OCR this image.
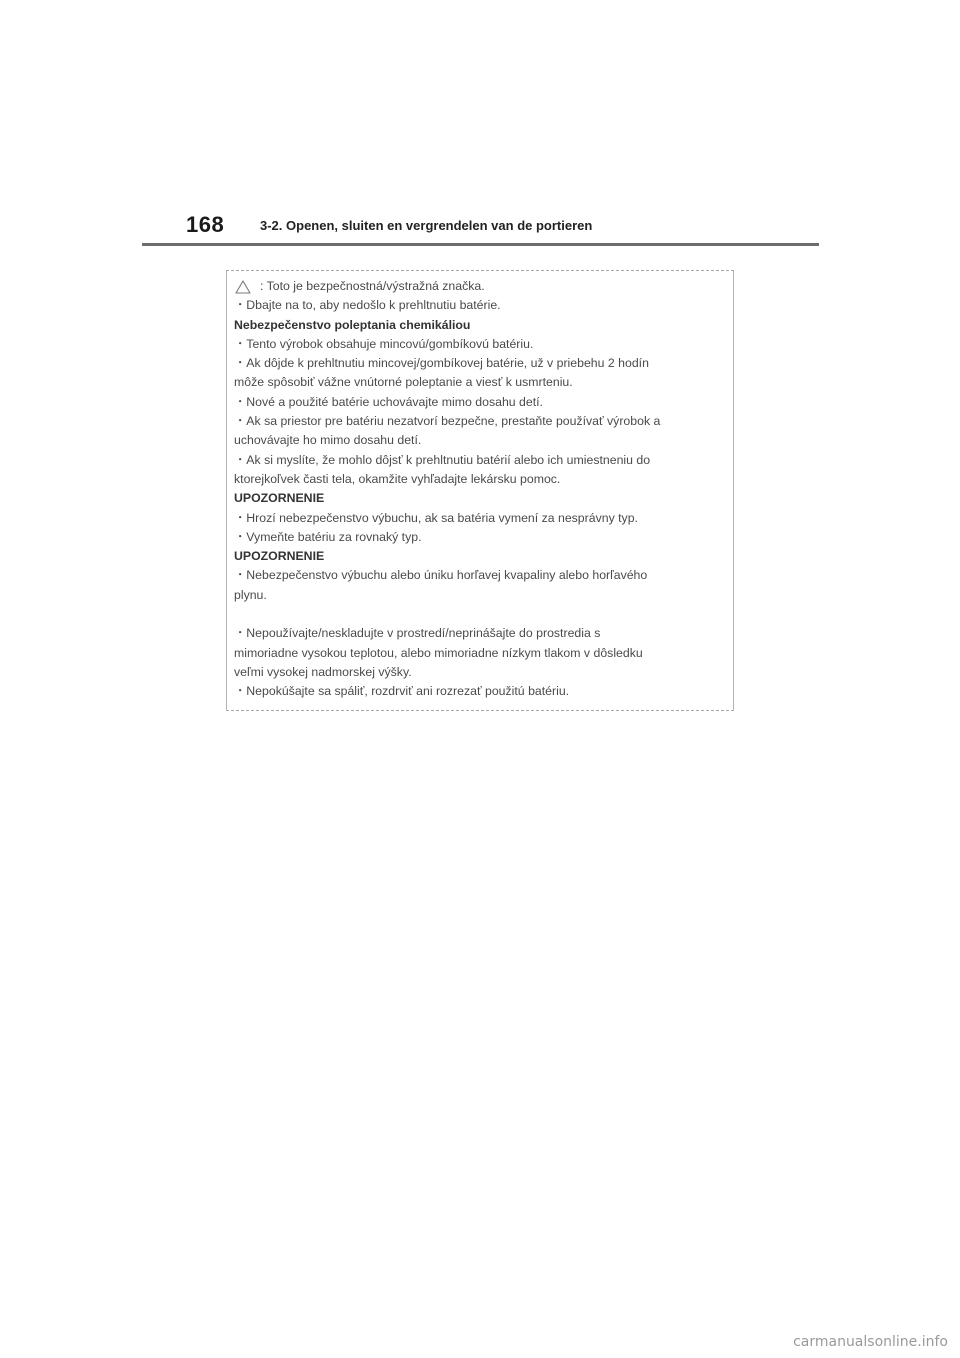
168	3-2. Openen, sluiten en vergrendelen van de portieren
: Toto je bezpečnostná/výstražná značka.
・Dbajte na to, aby nedošlo k prehltnutiu batérie.
Nebezpečenstvo poleptania chemikáliou
・Tento výrobok obsahuje mincovú/gombíkovú batériu.
・Ak dôjde k prehltnutiu mincovej/gombíkovej batérie, už v priebehu 2 hodín
môže spôsobiť vážne vnútorné poleptanie a viesť k usmrteniu.
・Nové a použité batérie uchovávajte mimo dosahu detí.
・Ak sa priestor pre batériu nezatvorí bezpečne, prestaňte používať výrobok a
uchovávajte ho mimo dosahu detí.
・Ak si myslíte, že mohlo dôjsť k prehltnutiu batérií alebo ich umiestneniu do
ktorejkoľvek časti tela, okamžite vyhľadajte lekársku pomoc.
UPOZORNENIE
・Hrozí nebezpečenstvo výbuchu, ak sa batéria vymení za nesprávny typ.
・Vymeňte batériu za rovnaký typ.
UPOZORNENIE
・Nebezpečenstvo výbuchu alebo úniku horľavej kvapaliny alebo horľavého
plynu.
・Nepoužívajte/neskladujte v prostredí/neprinášajte do prostredia s
mimoriadne vysokou teplotou, alebo mimoriadne nízkym tlakom v dôsledku
veľmi vysokej nadmorskej výšky.
・Nepokúšajte sa spáliť, rozdrviť ani rozrezať použitú batériu.
carmanualsonline.info
